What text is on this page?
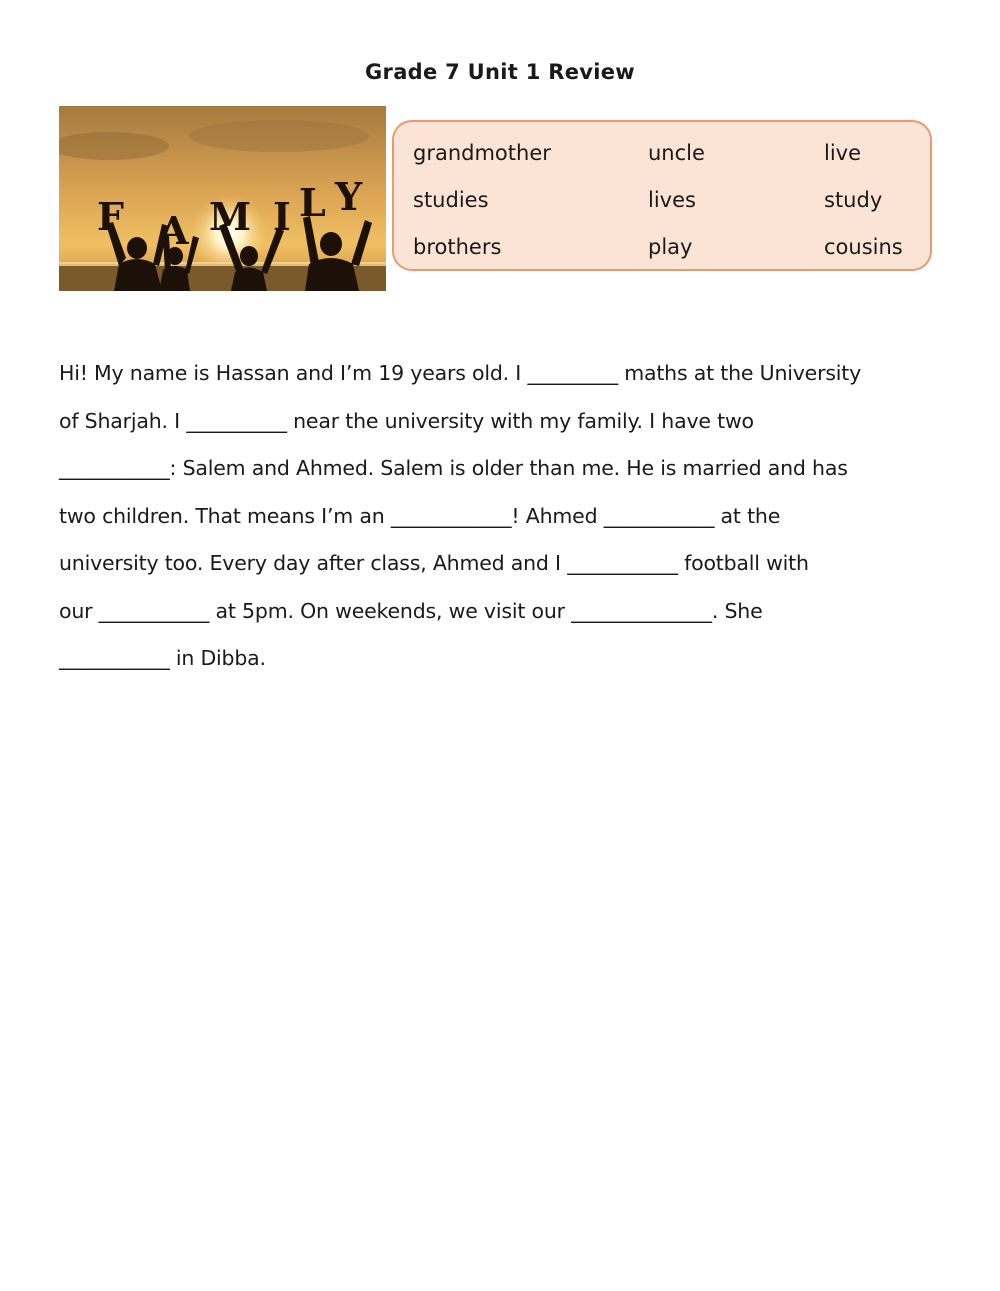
Grade 7 Unit 1 Review
F A M I L Y
grandmother	uncle	live
studies	lives	study
brothers	play	cousins
Hi! My name is Hassan and I’m 19 years old. I _________ maths at the University
of Sharjah. I __________ near the university with my family. I have two
___________: Salem and Ahmed. Salem is older than me. He is married and has
two children. That means I’m an ____________! Ahmed ___________ at the
university too. Every day after class, Ahmed and I ___________ football with
our ___________ at 5pm. On weekends, we visit our ______________. She
___________ in Dibba.
